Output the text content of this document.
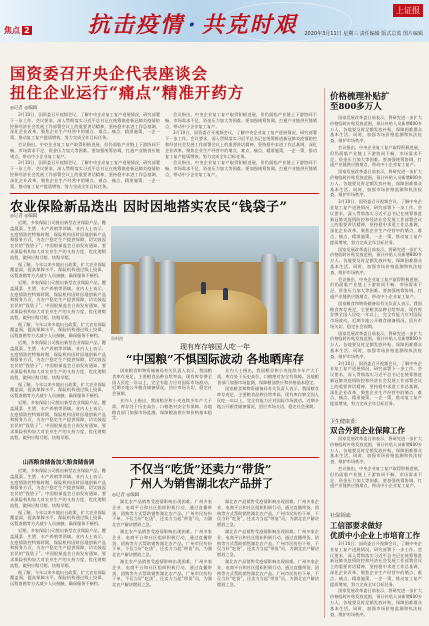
抗击疫情 · 共克时艰
焦点 2
上证报
2020年3月11日 星期三 责任编辑 版式总监 图片编辑
国资委召开央企代表座谈会
扭住企业运行“痛点”精准开药方
◎记者 ◎编辑

3月10日，国资委召开视频会议，了解中央企业复工复产进展情况，研究部署下一步工作。会议要求，深入贯彻落实习近平总书记在统筹推进新冠肺炎疫情防控和经济社会发展工作部署会议上的重要讲话精神，坚持稳中求进工作总基调，深化企业改革，聚焦企业生产经营中的堵点、难点、痛点，精准施策，一企一策，推动复工复产提质增效，努力完成全年目标任务。

会议指出，中央企业复工复产取得积极进展，但仍面临产业链上下游协同不畅、市场需求不足、资金压力加大等困难。要加强统筹协调，打通产业链供应链堵点，带动中小企业复工复产。

3月10日，国资委召开视频会议，了解中央企业复工复产进展情况，研究部署下一步工作。会议要求，深入贯彻落实习近平总书记在统筹推进新冠肺炎疫情防控和经济社会发展工作部署会议上的重要讲话精神，坚持稳中求进工作总基调，深化企业改革，聚焦企业生产经营中的堵点、难点、痛点，精准施策，一企一策，推动复工复产提质增效，努力完成全年目标任务。

会议指出，中央企业复工复产取得积极进展，但仍面临产业链上下游协同不畅、市场需求不足、资金压力加大等困难。要加强统筹协调，打通产业链供应链堵点，带动中小企业复工复产。

3月10日，国资委召开视频会议，了解中央企业复工复产进展情况，研究部署下一步工作。会议要求，深入贯彻落实习近平总书记在统筹推进新冠肺炎疫情防控和经济社会发展工作部署会议上的重要讲话精神，坚持稳中求进工作总基调，深化企业改革，聚焦企业生产经营中的堵点、难点、痛点，精准施策，一企一策，推动复工复产提质增效，努力完成全年目标任务。

会议指出，中央企业复工复产取得积极进展，但仍面临产业链上下游协同不畅、市场需求不足、资金压力加大等困难。要加强统筹协调，打通产业链供应链堵点，带动中小企业复工复产。

价格梳理补贴扩
至800多万人

国家发展改革委日前表示，将研究进一步扩大价格临时补贴发放范围，预计补贴人员新增800多万人。各地要及时足额发放补贴，保障困难群众基本生活。同时，加强市场价格监测和执法检查，维护市场秩序。

会议指出，中央企业复工复产取得积极进展，但仍面临产业链上下游协同不畅、市场需求不足、资金压力加大等困难。要加强统筹协调，打通产业链供应链堵点，带动中小企业复工复产。

国家发展改革委日前表示，将研究进一步扩大价格临时补贴发放范围，预计补贴人员新增800多万人。各地要及时足额发放补贴，保障困难群众基本生活。同时，加强市场价格监测和执法检查，维护市场秩序。

3月10日，国资委召开视频会议，了解中央企业复工复产进展情况，研究部署下一步工作。会议要求，深入贯彻落实习近平总书记在统筹推进新冠肺炎疫情防控和经济社会发展工作部署会议上的重要讲话精神，坚持稳中求进工作总基调，深化企业改革，聚焦企业生产经营中的堵点、难点、痛点，精准施策，一企一策，推动复工复产提质增效，努力完成全年目标任务。

国家发展改革委日前表示，将研究进一步扩大价格临时补贴发放范围，预计补贴人员新增800多万人。各地要及时足额发放补贴，保障困难群众基本生活。同时，加强市场价格监测和执法检查，维护市场秩序。

会议指出，中央企业复工复产取得积极进展，但仍面临产业链上下游协同不畅、市场需求不足、资金压力加大等困难。要加强统筹协调，打通产业链供应链堵点，带动中小企业复工复产。

国家粮食和物资储备局有关负责人表示，我国粮食库存充足，主要粮食品种自给率高，现有库存够全国人民吃一年以上，完全有能力应对国际市场波动。近期多地公开粮食储备情况，回应市场关切，稳定社会预期。

国家发展改革委日前表示，将研究进一步扩大价格临时补贴发放范围，预计补贴人员新增800多万人。各地要及时足额发放补贴，保障困难群众基本生活。同时，加强市场价格监测和执法检查，维护市场秩序。

3月10日，国资委召开视频会议，了解中央企业复工复产进展情况，研究部署下一步工作。会议要求，深入贯彻落实习近平总书记在统筹推进新冠肺炎疫情防控和经济社会发展工作部署会议上的重要讲话精神，坚持稳中求进工作总基调，深化企业改革，聚焦企业生产经营中的堵点、难点、痛点，精准施策，一企一策，推动复工复产提质增效，努力完成全年目标任务。

农业保险新品迭出 因时因地搭实农民“钱袋子”
◎记者 ◎编辑

近期，多家保险公司推出新型农业保险产品，覆盖蔬菜、生猪、水产养殖等领域。业内人士表示，在疫情防控特殊时期，保险机构因时因地创新产品和服务方式，为农户稳定生产提供保障，切实鼓起农民的“钱袋子”。中国银保监会日前发布通知，要求保险机构加大对农业生产的支持力度，优化理赔流程，做到应赔尽赔、快赔早赔。

据了解，今年以来多地出台政策，扩大农业保险覆盖面，提高保障水平。保险机构通过线上投保、远程查勘等方式减少人员接触，确保服务不断档。

近期，多家保险公司推出新型农业保险产品，覆盖蔬菜、生猪、水产养殖等领域。业内人士表示，在疫情防控特殊时期，保险机构因时因地创新产品和服务方式，为农户稳定生产提供保障，切实鼓起农民的“钱袋子”。中国银保监会日前发布通知，要求保险机构加大对农业生产的支持力度，优化理赔流程，做到应赔尽赔、快赔早赔。

据了解，今年以来多地出台政策，扩大农业保险覆盖面，提高保障水平。保险机构通过线上投保、远程查勘等方式减少人员接触，确保服务不断档。

近期，多家保险公司推出新型农业保险产品，覆盖蔬菜、生猪、水产养殖等领域。业内人士表示，在疫情防控特殊时期，保险机构因时因地创新产品和服务方式，为农户稳定生产提供保障，切实鼓起农民的“钱袋子”。中国银保监会日前发布通知，要求保险机构加大对农业生产的支持力度，优化理赔流程，做到应赔尽赔、快赔早赔。

据了解，今年以来多地出台政策，扩大农业保险覆盖面，提高保障水平。保险机构通过线上投保、远程查勘等方式减少人员接触，确保服务不断档。

近期，多家保险公司推出新型农业保险产品，覆盖蔬菜、生猪、水产养殖等领域。业内人士表示，在疫情防控特殊时期，保险机构因时因地创新产品和服务方式，为农户稳定生产提供保障，切实鼓起农民的“钱袋子”。中国银保监会日前发布通知，要求保险机构加大对农业生产的支持力度，优化理赔流程，做到应赔尽赔、快赔早赔。

资料图
现有库存够国人吃一年
“中国粮”不惧国际波动 各地晒库存

国家粮食和物资储备局有关负责人表示，我国粮食库存充足，主要粮食品种自给率高，现有库存够全国人民吃一年以上，完全有能力应对国际市场波动。近期多地公开粮食储备情况，回应市场关切，稳定社会预期。

业内人士指出，我国稻谷和小麦连续多年产大于需，库存处于历史高位，口粮绝对安全有保障。各地粮食部门加强市场监测，保障粮油供应和价格基本稳定。

业内人士指出，我国稻谷和小麦连续多年产大于需，库存处于历史高位，口粮绝对安全有保障。各地粮食部门加强市场监测，保障粮油供应和价格基本稳定。

国家粮食和物资储备局有关负责人表示，我国粮食库存充足，主要粮食品种自给率高，现有库存够全国人民吃一年以上，完全有能力应对国际市场波动。近期多地公开粮食储备情况，回应市场关切，稳定社会预期。

山西粮食储备加大粮食储备调

近期，多家保险公司推出新型农业保险产品，覆盖蔬菜、生猪、水产养殖等领域。业内人士表示，在疫情防控特殊时期，保险机构因时因地创新产品和服务方式，为农户稳定生产提供保障，切实鼓起农民的“钱袋子”。中国银保监会日前发布通知，要求保险机构加大对农业生产的支持力度，优化理赔流程，做到应赔尽赔、快赔早赔。

据了解，今年以来多地出台政策，扩大农业保险覆盖面，提高保障水平。保险机构通过线上投保、远程查勘等方式减少人员接触，确保服务不断档。

近期，多家保险公司推出新型农业保险产品，覆盖蔬菜、生猪、水产养殖等领域。业内人士表示，在疫情防控特殊时期，保险机构因时因地创新产品和服务方式，为农户稳定生产提供保障，切实鼓起农民的“钱袋子”。中国银保监会日前发布通知，要求保险机构加大对农业生产的支持力度，优化理赔流程，做到应赔尽赔、快赔早赔。

据了解，今年以来多地出台政策，扩大农业保险覆盖面，提高保障水平。保险机构通过线上投保、远程查勘等方式减少人员接触，确保服务不断档。

不仅当“吃货”还卖力“带货”
广州人为销售湖北农产品拼了
◎记者 ◎编辑

湖北农产品销售受疫情影响出现困难。广州多家企业、电商平台和社区组织积极行动，通过直播带货、团购等方式帮助销售湖北农产品。广州市民纷纷下单，不仅当好“吃货”，还卖力当起“带货”员，为湖北农户解决燃眉之急。

湖北农产品销售受疫情影响出现困难。广州多家企业、电商平台和社区组织积极行动，通过直播带货、团购等方式帮助销售湖北农产品。广州市民纷纷下单，不仅当好“吃货”，还卖力当起“带货”员，为湖北农户解决燃眉之急。

湖北农产品销售受疫情影响出现困难。广州多家企业、电商平台和社区组织积极行动，通过直播带货、团购等方式帮助销售湖北农产品。广州市民纷纷下单，不仅当好“吃货”，还卖力当起“带货”员，为湖北农户解决燃眉之急。

湖北农产品销售受疫情影响出现困难。广州多家企业、电商平台和社区组织积极行动，通过直播带货、团购等方式帮助销售湖北农产品。广州市民纷纷下单，不仅当好“吃货”，还卖力当起“带货”员，为湖北农户解决燃眉之急。

湖北农产品销售受疫情影响出现困难。广州多家企业、电商平台和社区组织积极行动，通过直播带货、团购等方式帮助销售湖北农产品。广州市民纷纷下单，不仅当好“吃货”，还卖力当起“带货”员，为湖北农户解决燃眉之急。

湖北农产品销售受疫情影响出现困难。广州多家企业、电商平台和社区组织积极行动，通过直播带货、团购等方式帮助销售湖北农产品。广州市民纷纷下单，不仅当好“吃货”，还卖力当起“带货”员，为湖北农户解决燃眉之急。

卫生健康委:
双合外贸企业保障工作

国家发展改革委日前表示，将研究进一步扩大价格临时补贴发放范围，预计补贴人员新增800多万人。各地要及时足额发放补贴，保障困难群众基本生活。同时，加强市场价格监测和执法检查，维护市场秩序。

会议指出，中央企业复工复产取得积极进展，但仍面临产业链上下游协同不畅、市场需求不足、资金压力加大等困难。要加强统筹协调，打通产业链供应链堵点，带动中小企业复工复产。

社保领域:
工信部要求做好
优质中小企业上市培育工作

3月10日，国资委召开视频会议，了解中央企业复工复产进展情况，研究部署下一步工作。会议要求，深入贯彻落实习近平总书记在统筹推进新冠肺炎疫情防控和经济社会发展工作部署会议上的重要讲话精神，坚持稳中求进工作总基调，深化企业改革，聚焦企业生产经营中的堵点、难点、痛点，精准施策，一企一策，推动复工复产提质增效，努力完成全年目标任务。

国家发展改革委日前表示，将研究进一步扩大价格临时补贴发放范围，预计补贴人员新增800多万人。各地要及时足额发放补贴，保障困难群众基本生活。同时，加强市场价格监测和执法检查，维护市场秩序。
